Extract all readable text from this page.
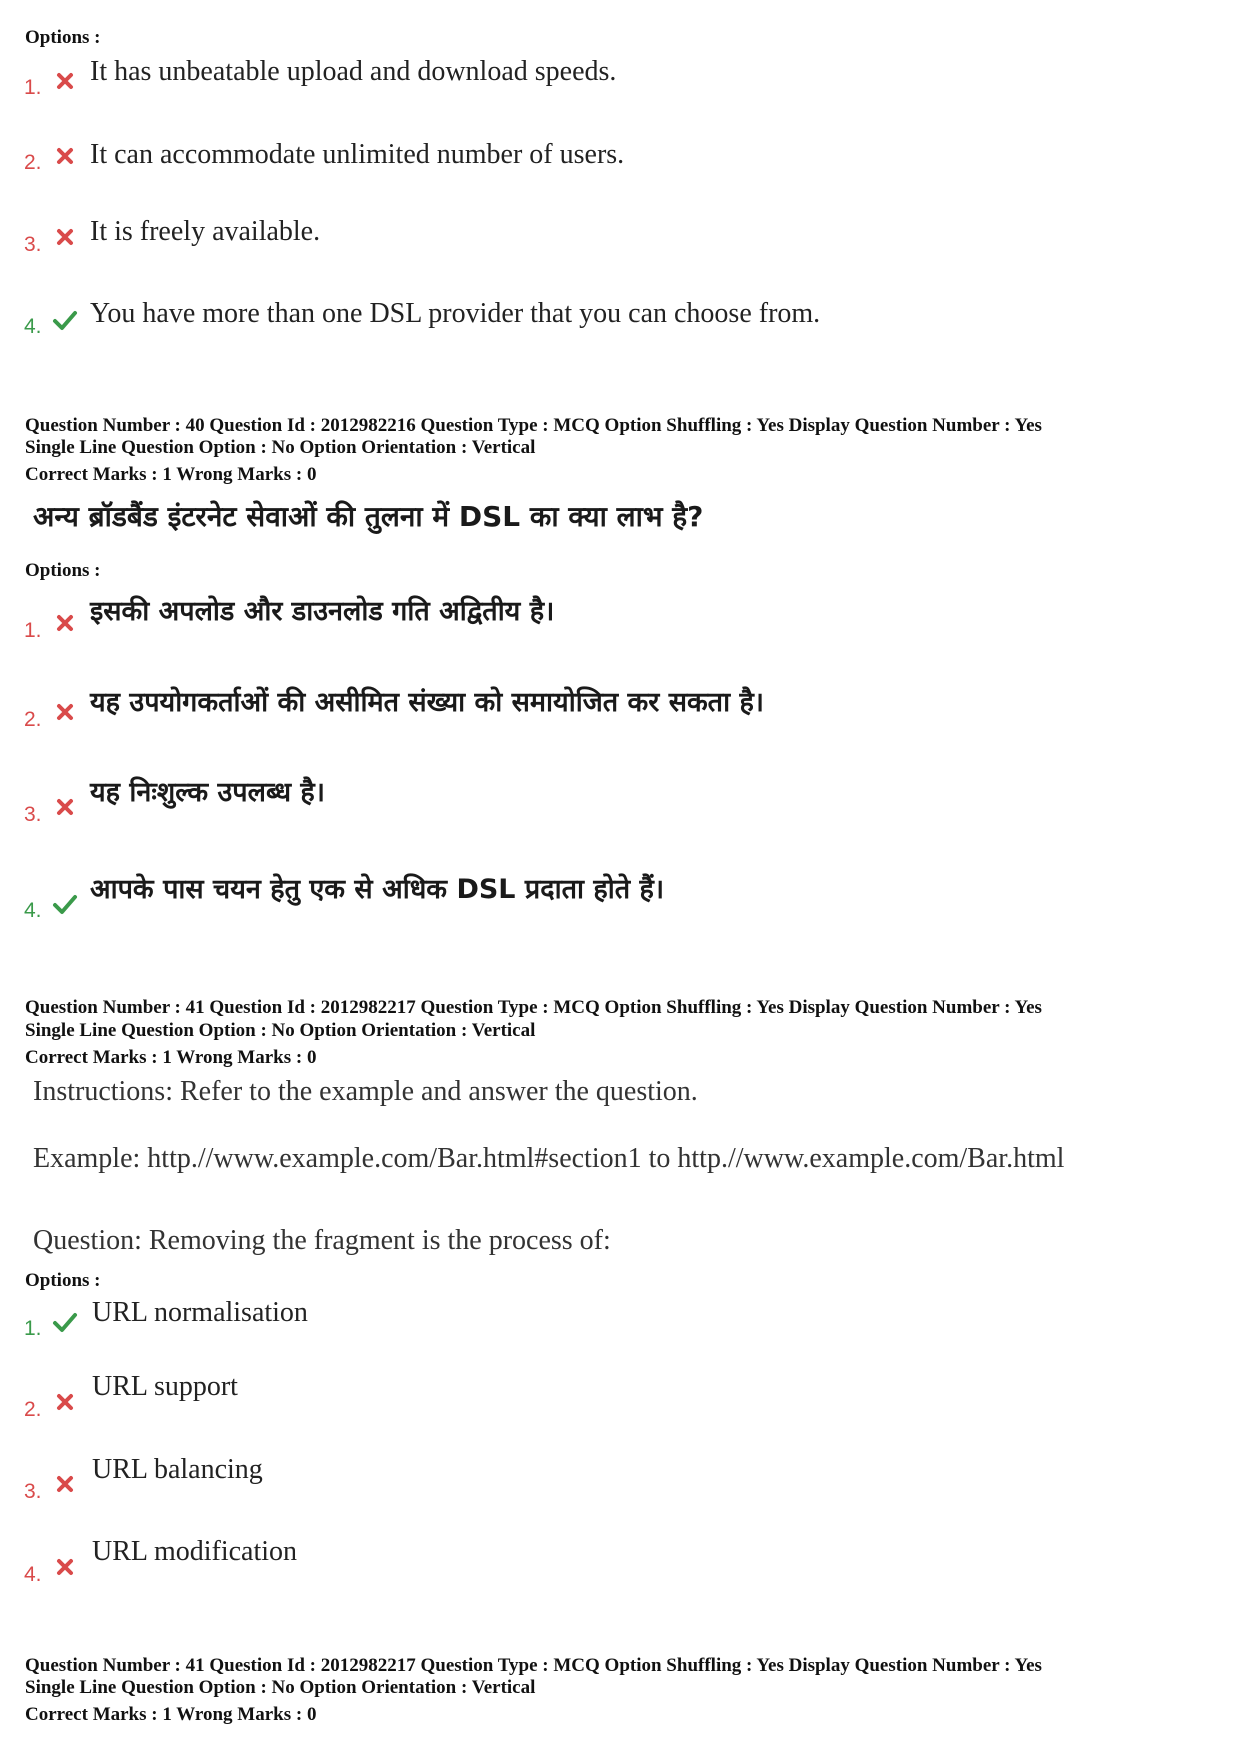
Options :
1.
It has unbeatable upload and download speeds.
2. It can accommodate unlimited number of users.
3. It is freely available.
4. You have more than one DSL provider that you can choose from.
Question Number : 40 Question Id : 2012982216 Question Type : MCQ Option Shuffling : Yes Display Question Number : Yes
Single Line Question Option : No Option Orientation : Vertical
Correct Marks : 1 Wrong Marks : 0
अन्य ब्रॉडबैंड इंटरनेट सेवाओं की तुलना में DSL का क्या लाभ है?
Options :
1.
इसकी अपलोड और डाउनलोड गति अद्वितीय है।
2.
यह उपयोगकर्ताओं की असीमित संख्या को समायोजित कर सकता है।
3.
यह निःशुल्क उपलब्ध है।
4.
आपके पास चयन हेतु एक से अधिक DSL प्रदाता होते हैं।
Question Number : 41 Question Id : 2012982217 Question Type : MCQ Option Shuffling : Yes Display Question Number : Yes
Single Line Question Option : No Option Orientation : Vertical
Correct Marks : 1 Wrong Marks : 0
Instructions: Refer to the example and answer the question.
Example: http.//www.example.com/Bar.html#section1 to http.//www.example.com/Bar.html
Question: Removing the fragment is the process of:
Options :
1.
URL normalisation
2.
URL support
3.
URL balancing
4.
URL modification
Question Number : 41 Question Id : 2012982217 Question Type : MCQ Option Shuffling : Yes Display Question Number : Yes
Single Line Question Option : No Option Orientation : Vertical
Correct Marks : 1 Wrong Marks : 0
